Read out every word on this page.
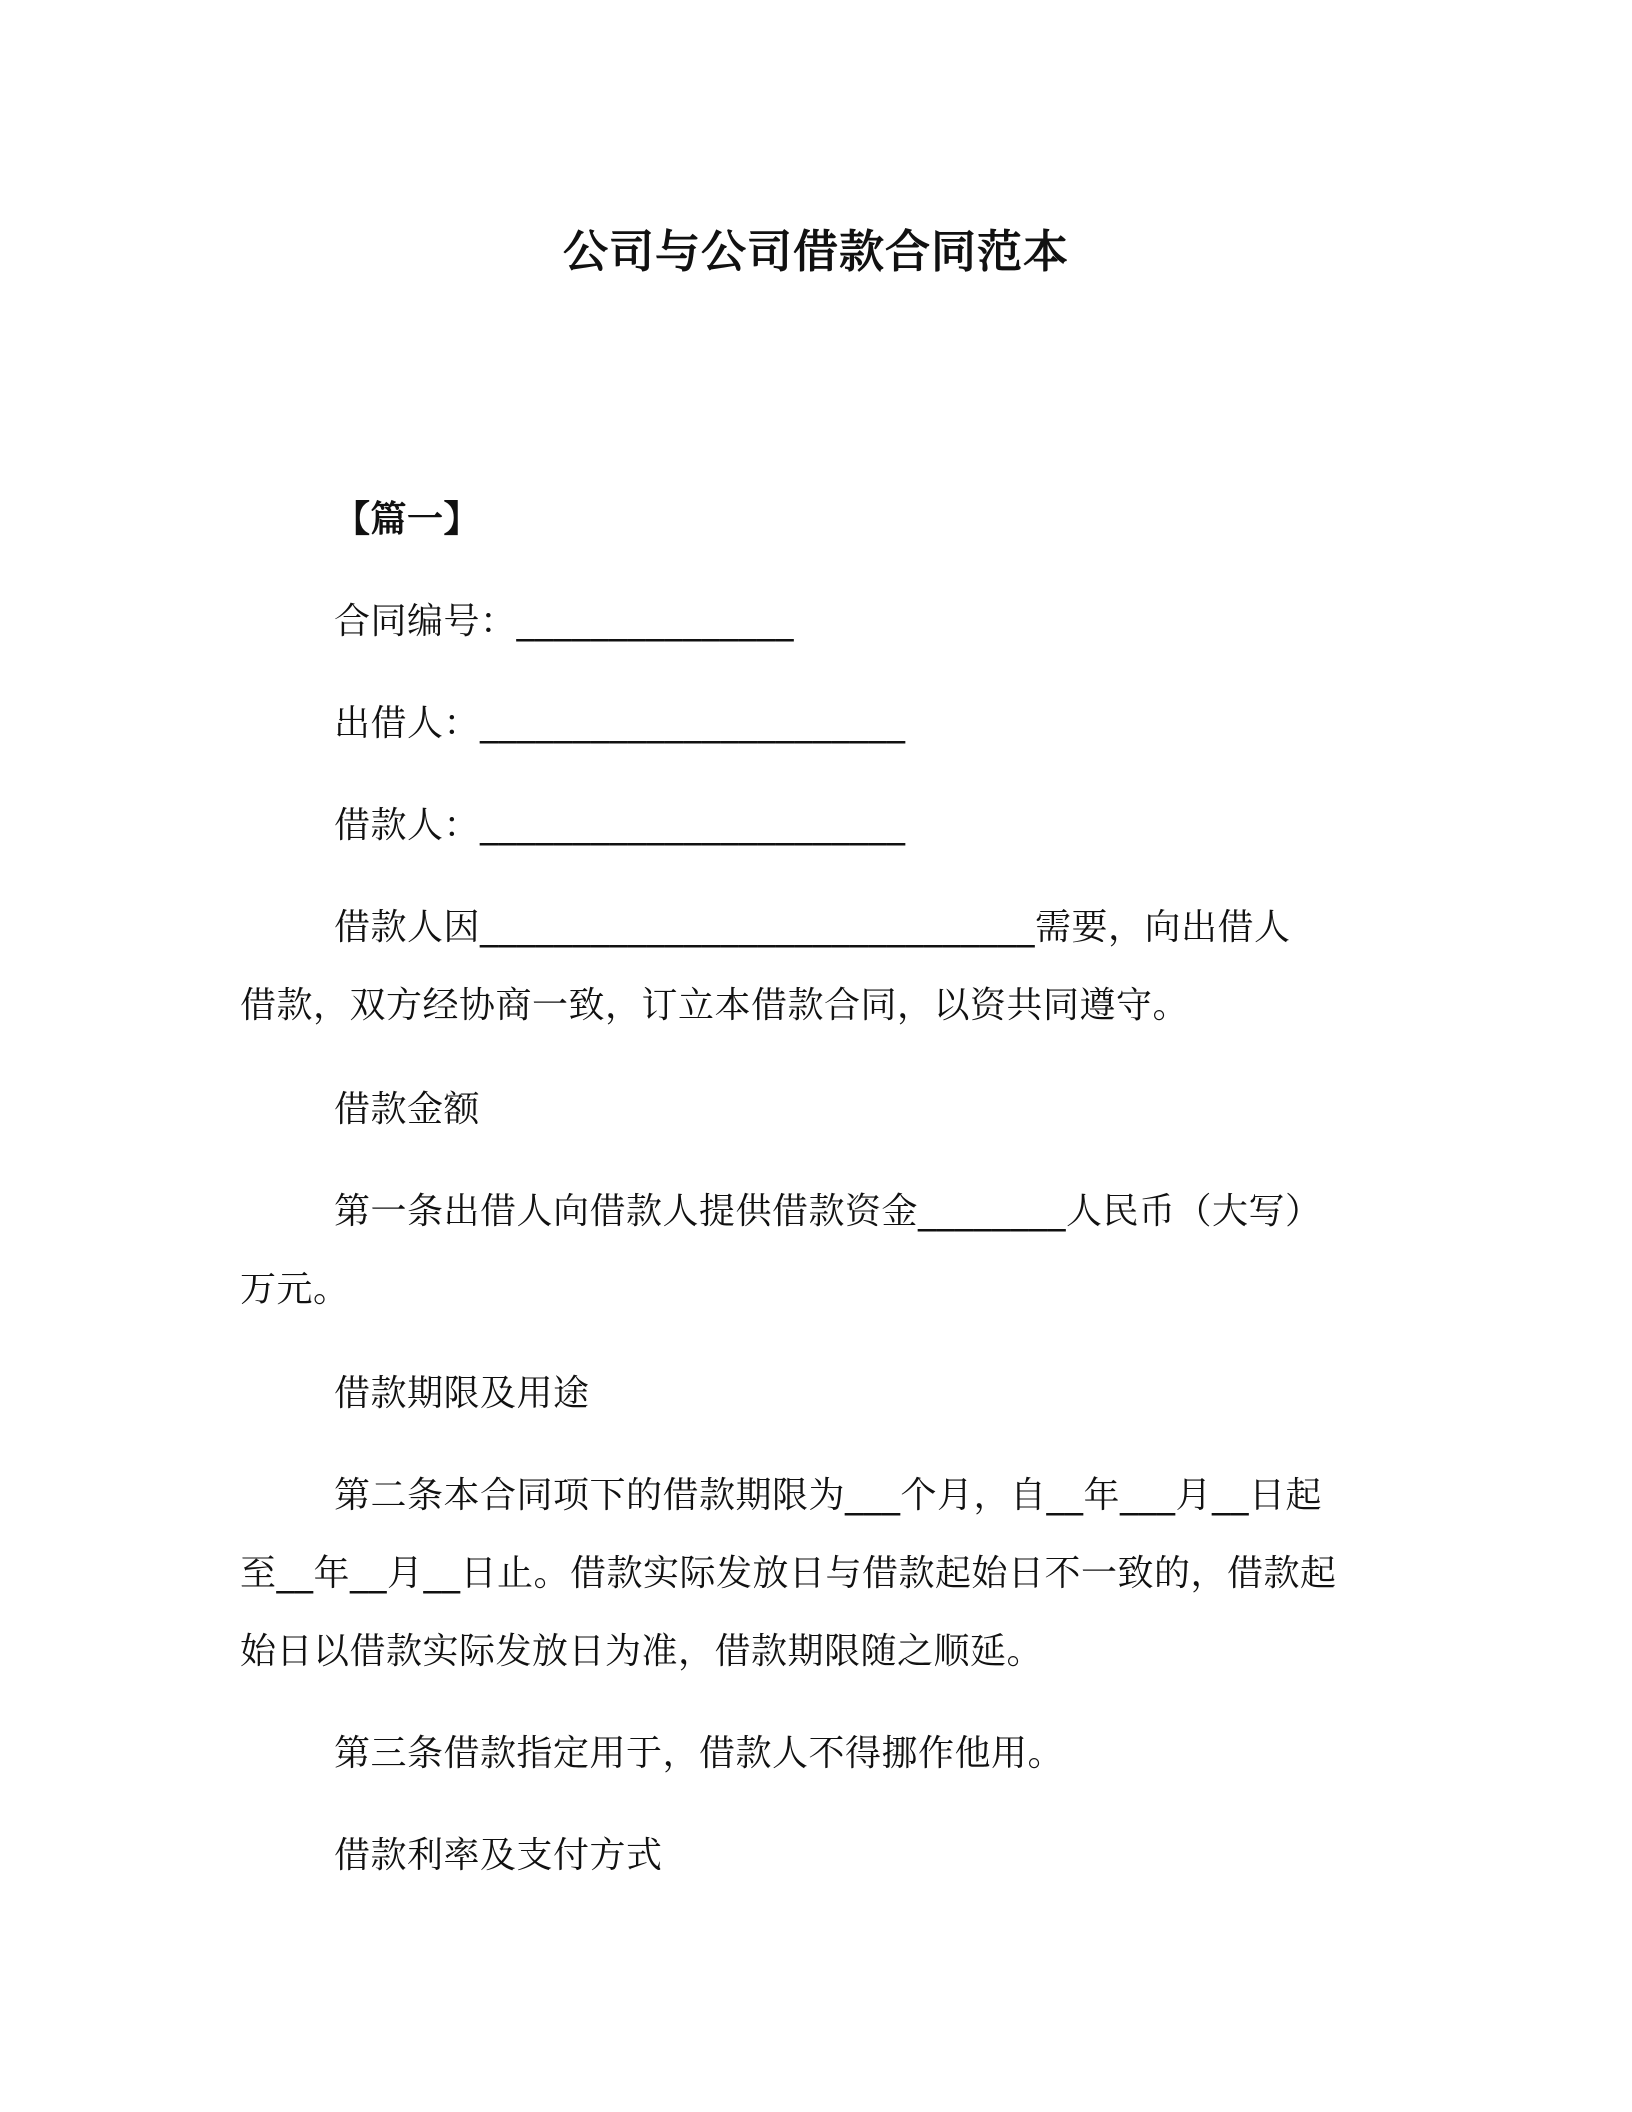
公司与公司借款合同范本
【篇一】
合同编号：_______________
出借人：_______________________
借款人：_______________________
借款人因______________________________需要，向出借人
借款，双方经协商一致，订立本借款合同，以资共同遵守。
借款金额
第一条出借人向借款人提供借款资金________人民币（大写）
万元。
借款期限及用途
第二条本合同项下的借款期限为___个月，自__年___月__日起
至__年__月__日止。借款实际发放日与借款起始日不一致的，借款起
始日以借款实际发放日为准，借款期限随之顺延。
第三条借款指定用于，借款人不得挪作他用。
借款利率及支付方式
